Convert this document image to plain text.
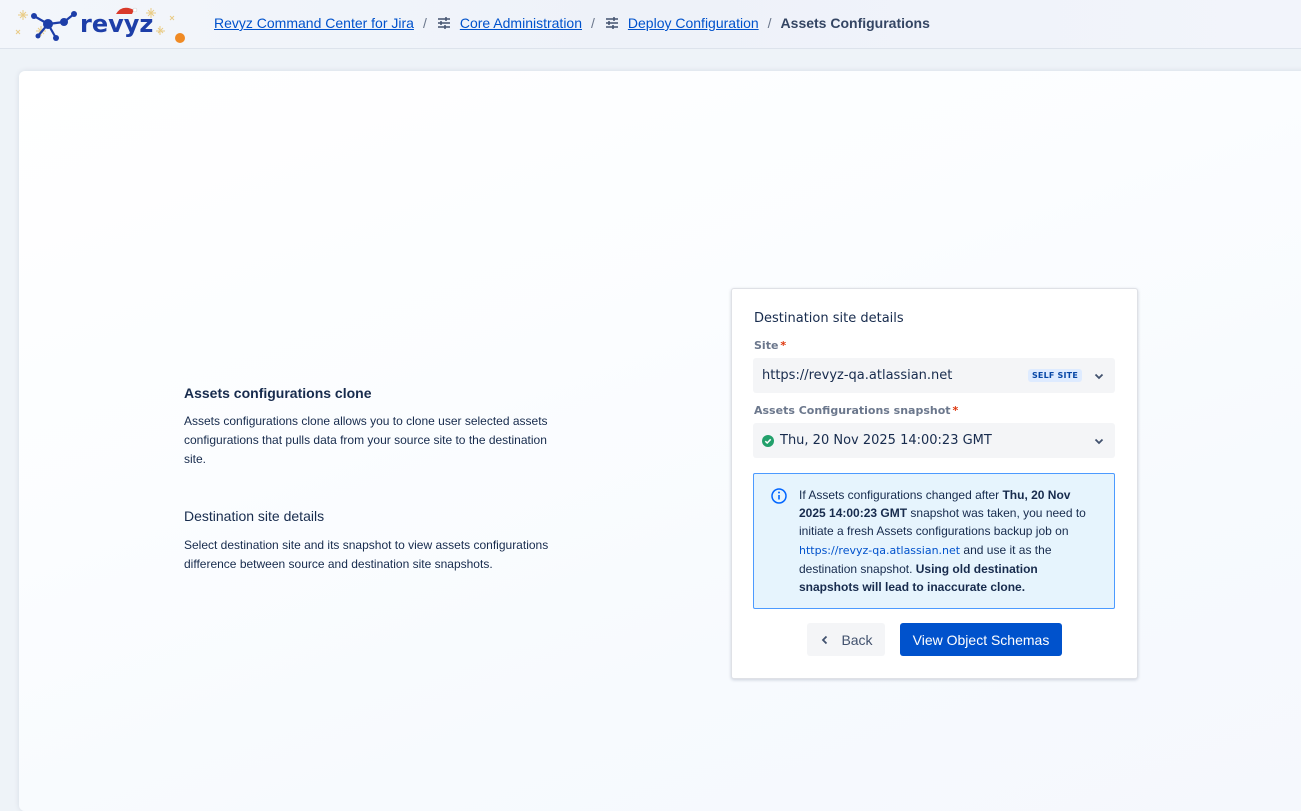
revyz	Revyz Command Center for Jira / Core Administration / Deploy Configuration / Assets Configurations
Assets configurations clone

Assets configurations clone allows you to clone user selected assets configurations that pulls data from your source site to the destination site.

Destination site details

Select destination site and its snapshot to view assets configurations difference between source and destination site snapshots.

Destination site details
Site *
https://revyz-qa.atlassian.net	SELF SITE
Assets Configurations snapshot *
Thu, 20 Nov 2025 14:00:23 GMT
If Assets configurations changed after Thu, 20 Nov 2025 14:00:23 GMT snapshot was taken, you need to initiate a fresh Assets configurations backup job on https://revyz-qa.atlassian.net and use it as the destination snapshot. Using old destination snapshots will lead to inaccurate clone.
Back	View Object Schemas
